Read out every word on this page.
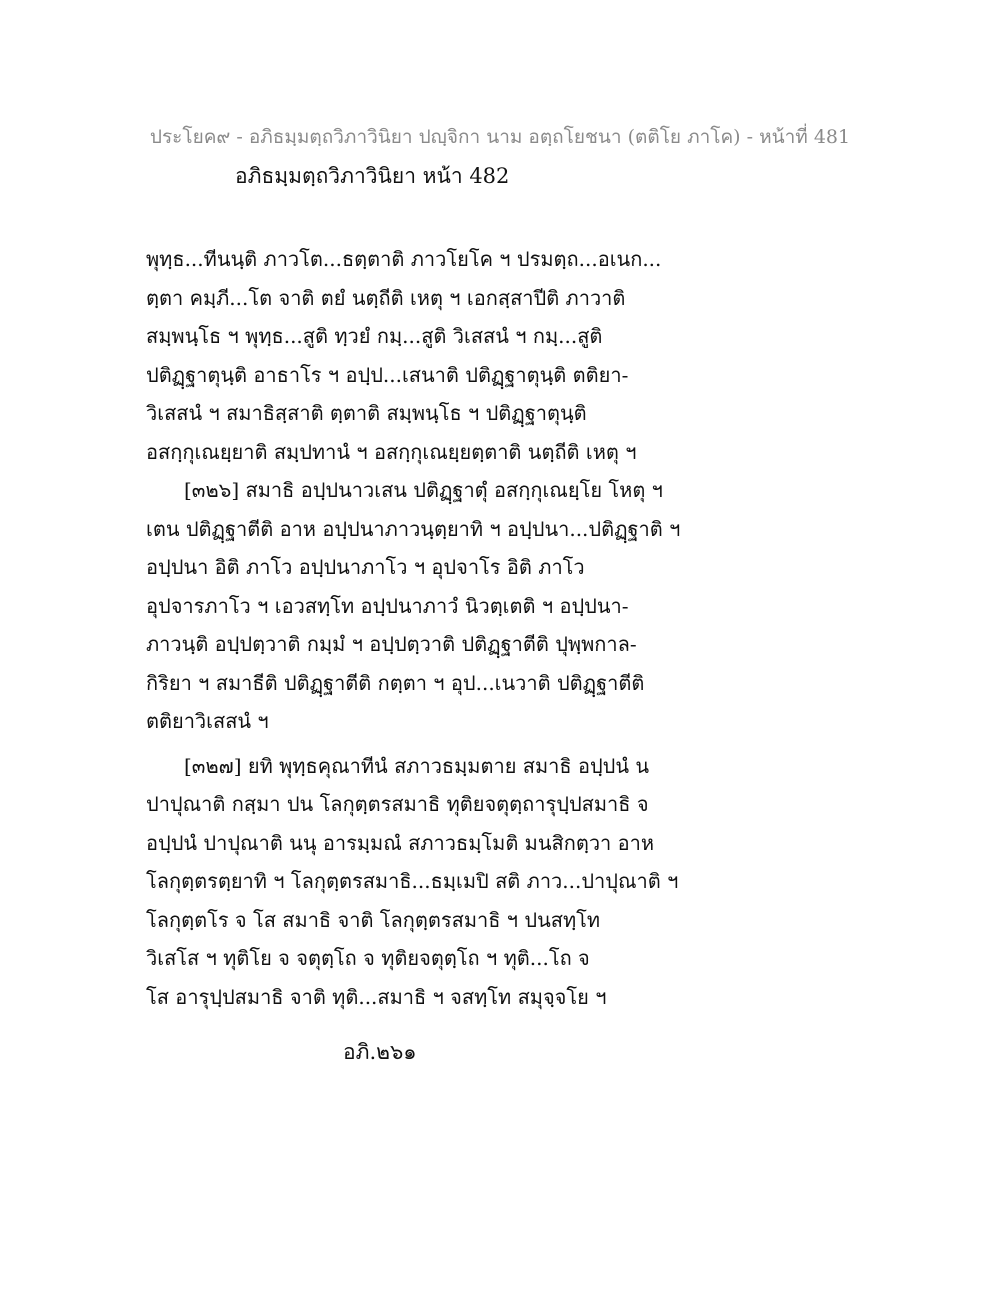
ประโยค๙ - อภิธมฺมตฺถวิภาวินิยา ปญฺจิกา นาม อตฺถโยชนา (ตติโย ภาโค) - หน้าที่ 481
อภิธมฺมตฺถวิภาวินิยา หน้า 482
พุทฺธ...ทีนนฺติ ภาวโต...ธตฺตาติ ภาวโยโค ฯ ปรมตฺถ...อเนก...
ตฺตา คมฺภี...โต จาติ ตยํ นตฺถีติ เหตุ ฯ เอกสฺสาปีติ ภาวาติ
สมฺพนฺโธ ฯ พุทฺธ...สูติ ทฺวยํ กมฺ...สูติ วิเสสนํ ฯ กมฺ...สูติ
ปติฏฺฐาตุนฺติ อาธาโร ฯ อปฺป...เสนาติ ปติฏฺฐาตุนฺติ ตติยา-
วิเสสนํ ฯ สมาธิสฺสาติ ตฺตาติ สมฺพนฺโธ ฯ ปติฏฺฐาตุนฺติ
อสกฺกุเณยฺยาติ สมฺปทานํ ฯ อสกฺกุเณยฺยตฺตาติ นตฺถีติ เหตุ ฯ
[๓๒๖] สมาธิ อปฺปนาวเสน ปติฏฺฐาตุํ อสกฺกุเณยฺโย โหตุ ฯ
เตน ปติฏฺฐาตีติ อาห อปฺปนาภาวนฺตฺยาทิ ฯ อปฺปนา...ปติฏฺฐาติ ฯ
อปฺปนา อิติ ภาโว อปฺปนาภาโว ฯ อุปจาโร อิติ ภาโว
อุปจารภาโว ฯ เอวสทฺโท อปฺปนาภาวํ นิวตฺเตติ ฯ อปฺปนา-
ภาวนฺติ อปฺปตฺวาติ กมฺมํ ฯ อปฺปตฺวาติ ปติฏฺฐาตีติ ปุพฺพกาล-
กิริยา ฯ สมาธีติ ปติฏฺฐาตีติ กตฺตา ฯ อุป...เนวาติ ปติฏฺฐาตีติ
ตติยาวิเสสนํ ฯ
[๓๒๗] ยทิ พุทฺธคุณาทีนํ สภาวธมฺมตาย สมาธิ อปฺปนํ น
ปาปุณาติ กสฺมา ปน โลกุตฺตรสมาธิ ทุติยจตุตฺถารุปฺปสมาธิ จ
อปฺปนํ ปาปุณาติ นนุ อารมฺมณํ สภาวธมฺโมติ มนสิกตฺวา อาห
โลกุตฺตรตฺยาทิ ฯ โลกุตฺตรสมาธิ...ธมฺเมปิ สติ ภาว...ปาปุณาติ ฯ
โลกุตฺตโร จ โส สมาธิ จาติ โลกุตฺตรสมาธิ ฯ ปนสทฺโท
วิเสโส ฯ ทุติโย จ จตุตฺโถ จ ทุติยจตุตฺโถ ฯ ทุติ...โถ จ
โส อารุปฺปสมาธิ จาติ ทุติ...สมาธิ ฯ จสทฺโท สมุจฺจโย ฯ
อภิ.๒๖๑
